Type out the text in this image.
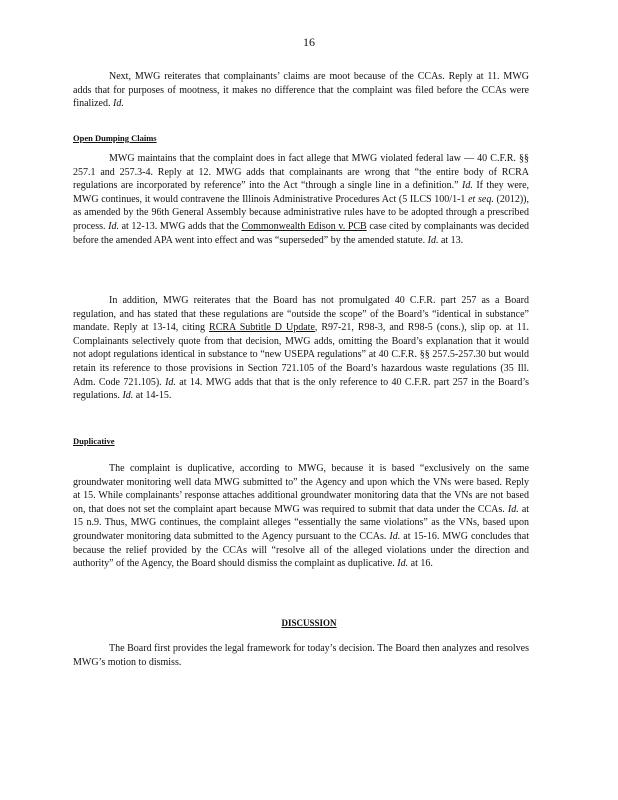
16

Next, MWG reiterates that complainants’ claims are moot because of the CCAs. Reply at 11. MWG adds that for purposes of mootness, it makes no difference that the complaint was filed before the CCAs were finalized. Id.

Open Dumping Claims

MWG maintains that the complaint does in fact allege that MWG violated federal law — 40 C.F.R. §§ 257.1 and 257.3-4. Reply at 12. MWG adds that complainants are wrong that “the entire body of RCRA regulations are incorporated by reference” into the Act “through a single line in a definition.” Id. If they were, MWG continues, it would contravene the Illinois Administrative Procedures Act (5 ILCS 100/1-1 et seq. (2012)), as amended by the 96th General Assembly because administrative rules have to be adopted through a prescribed process. Id. at 12-13. MWG adds that the Commonwealth Edison v. PCB case cited by complainants was decided before the amended APA went into effect and was “superseded” by the amended statute. Id. at 13.

In addition, MWG reiterates that the Board has not promulgated 40 C.F.R. part 257 as a Board regulation, and has stated that these regulations are “outside the scope” of the Board’s “identical in substance” mandate. Reply at 13-14, citing RCRA Subtitle D Update, R97-21, R98-3, and R98-5 (cons.), slip op. at 11. Complainants selectively quote from that decision, MWG adds, omitting the Board’s explanation that it would not adopt regulations identical in substance to “new USEPA regulations” at 40 C.F.R. §§ 257.5-257.30 but would retain its reference to those provisions in Section 721.105 of the Board’s hazardous waste regulations (35 Ill. Adm. Code 721.105). Id. at 14. MWG adds that that is the only reference to 40 C.F.R. part 257 in the Board’s regulations. Id. at 14-15.

Duplicative

The complaint is duplicative, according to MWG, because it is based “exclusively on the same groundwater monitoring well data MWG submitted to” the Agency and upon which the VNs were based. Reply at 15. While complainants’ response attaches additional groundwater monitoring data that the VNs are not based on, that does not set the complaint apart because MWG was required to submit that data under the CCAs. Id. at 15 n.9. Thus, MWG continues, the complaint alleges “essentially the same violations” as the VNs, based upon groundwater monitoring data submitted to the Agency pursuant to the CCAs. Id. at 15-16. MWG concludes that because the relief provided by the CCAs will “resolve all of the alleged violations under the direction and authority” of the Agency, the Board should dismiss the complaint as duplicative. Id. at 16.

DISCUSSION

The Board first provides the legal framework for today’s decision. The Board then analyzes and resolves MWG’s motion to dismiss.
